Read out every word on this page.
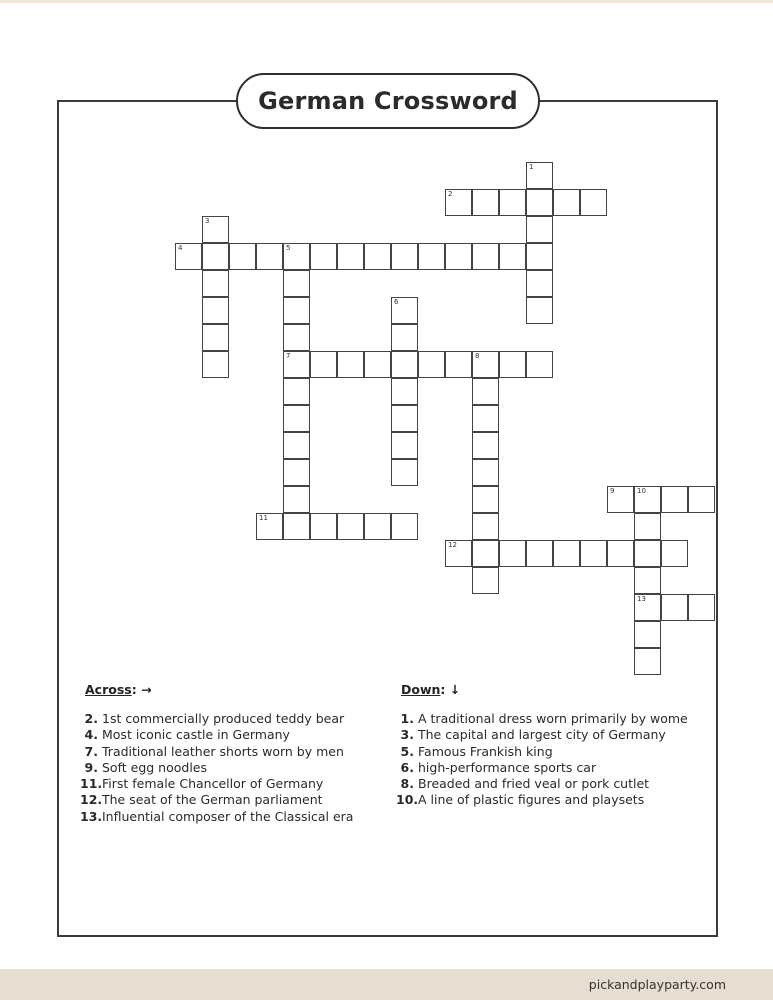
German Crossword
1
2
3
4	5
7
6
8
9	10
13
11
12
Across: →
2. 1st commercially produced teddy bear
4. Most iconic castle in Germany
7. Traditional leather shorts worn by men
9. Soft egg noodles
11. First female Chancellor of Germany
12. The seat of the German parliament
13. Influential composer of the Classical era
Down: ↓
1. A traditional dress worn primarily by wome
3. The capital and largest city of Germany
5. Famous Frankish king
6. high-performance sports car
8. Breaded and fried veal or pork cutlet
10. A line of plastic figures and playsets
pickandplayparty.com
